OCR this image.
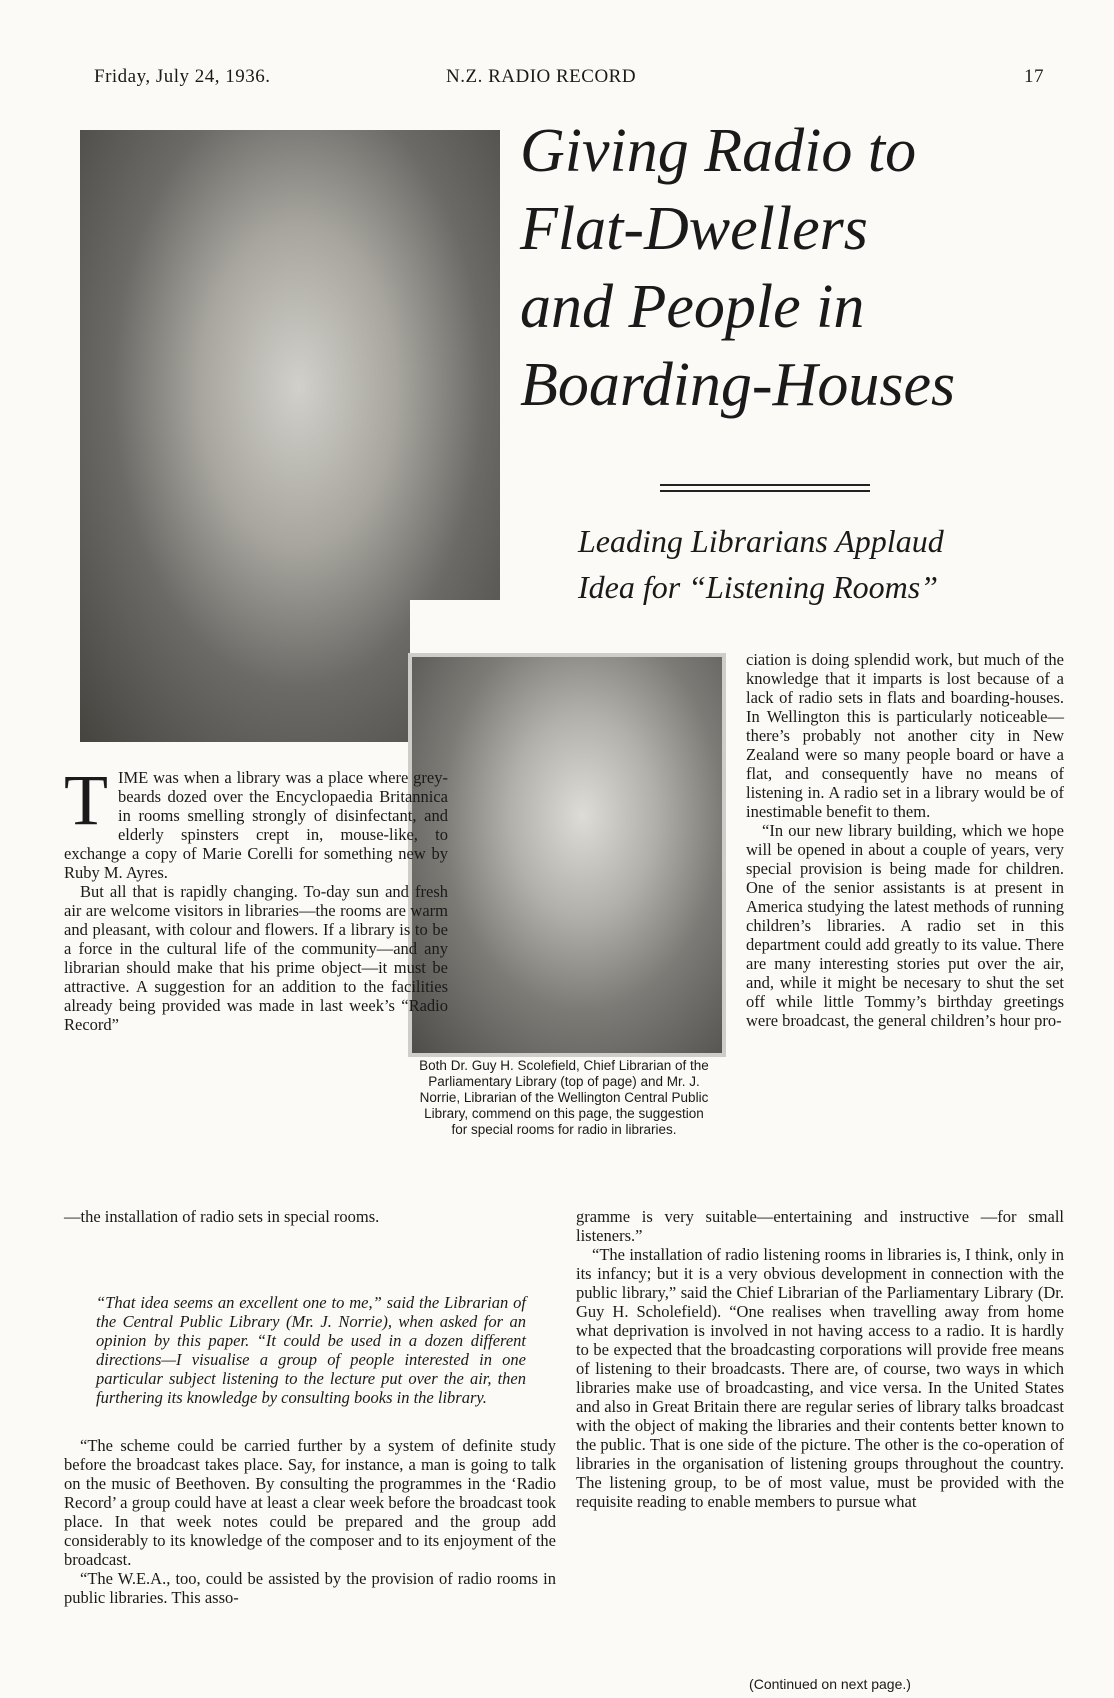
Friday, July 24, 1936.	N.Z. RADIO RECORD	17
Giving Radio to
Flat-Dwellers
and People in
Boarding-Houses
Leading Librarians Applaud
Idea for “Listening Rooms”
Both Dr. Guy H. Scolefield, Chief Librarian of the Parliamentary Library (top of page) and Mr. J. Norrie, Librarian of the Wellington Central Public Library, commend on this page, the suggestion for special rooms for radio in libraries.

T IME was when a library was a place where grey-beards dozed over the Encyclopaedia Britannica in rooms smelling strongly of disinfectant, and elderly spinsters crept in, mouse-like, to exchange a copy of Marie Corelli for something new by Ruby M. Ayres.

But all that is rapidly changing. To-day sun and fresh air are welcome visitors in libraries—the rooms are warm and pleasant, with colour and flowers. If a library is to be a force in the cultural life of the community—and any librarian should make that his prime object—it must be attractive. A suggestion for an addition to the facilities already being provided was made in last week’s “Radio Record”

—the installation of radio sets in special rooms.
“That idea seems an excellent one to me,” said the Librarian of the Central Public Library (Mr. J. Norrie), when asked for an opinion by this paper. “It could be used in a dozen different directions—I visualise a group of people interested in one particular subject listening to the lecture put over the air, then furthering its knowledge by consulting books in the library.

“The scheme could be carried further by a system of definite study before the broadcast takes place. Say, for instance, a man is going to talk on the music of Beethoven. By consulting the programmes in the ‘Radio Record’ a group could have at least a clear week before the broadcast took place. In that week notes could be prepared and the group add considerably to its knowledge of the composer and to its enjoyment of the broadcast.

“The W.E.A., too, could be assisted by the provision of radio rooms in public libraries. This asso-

ciation is doing splendid work, but much of the knowledge that it imparts is lost because of a lack of radio sets in flats and boarding-houses. In Wellington this is particularly noticeable—there’s probably not another city in New Zealand were so many people board or have a flat, and consequently have no means of listening in. A radio set in a library would be of inestimable benefit to them.

“In our new library building, which we hope will be opened in about a couple of years, very special provision is being made for children. One of the senior assistants is at present in America studying the latest methods of running children’s libraries. A radio set in this department could add greatly to its value. There are many interesting stories put over the air, and, while it might be necesary to shut the set off while little Tommy’s birthday greetings were broadcast, the general children’s hour pro-

gramme is very suitable—entertaining and instructive —for small listeners.”

“The installation of radio listening rooms in libraries is, I think, only in its infancy; but it is a very obvious development in connection with the public library,” said the Chief Librarian of the Parliamentary Library (Dr. Guy H. Scholefield). “One realises when travelling away from home what deprivation is involved in not having access to a radio. It is hardly to be expected that the broadcasting corporations will provide free means of listening to their broadcasts. There are, of course, two ways in which libraries make use of broadcasting, and vice versa. In the United States and also in Great Britain there are regular series of library talks broadcast with the object of making the libraries and their contents better known to the public. That is one side of the picture. The other is the co-operation of libraries in the organisation of listening groups throughout the country. The listening group, to be of most value, must be provided with the requisite reading to enable members to pursue what

(Continued on next page.)
